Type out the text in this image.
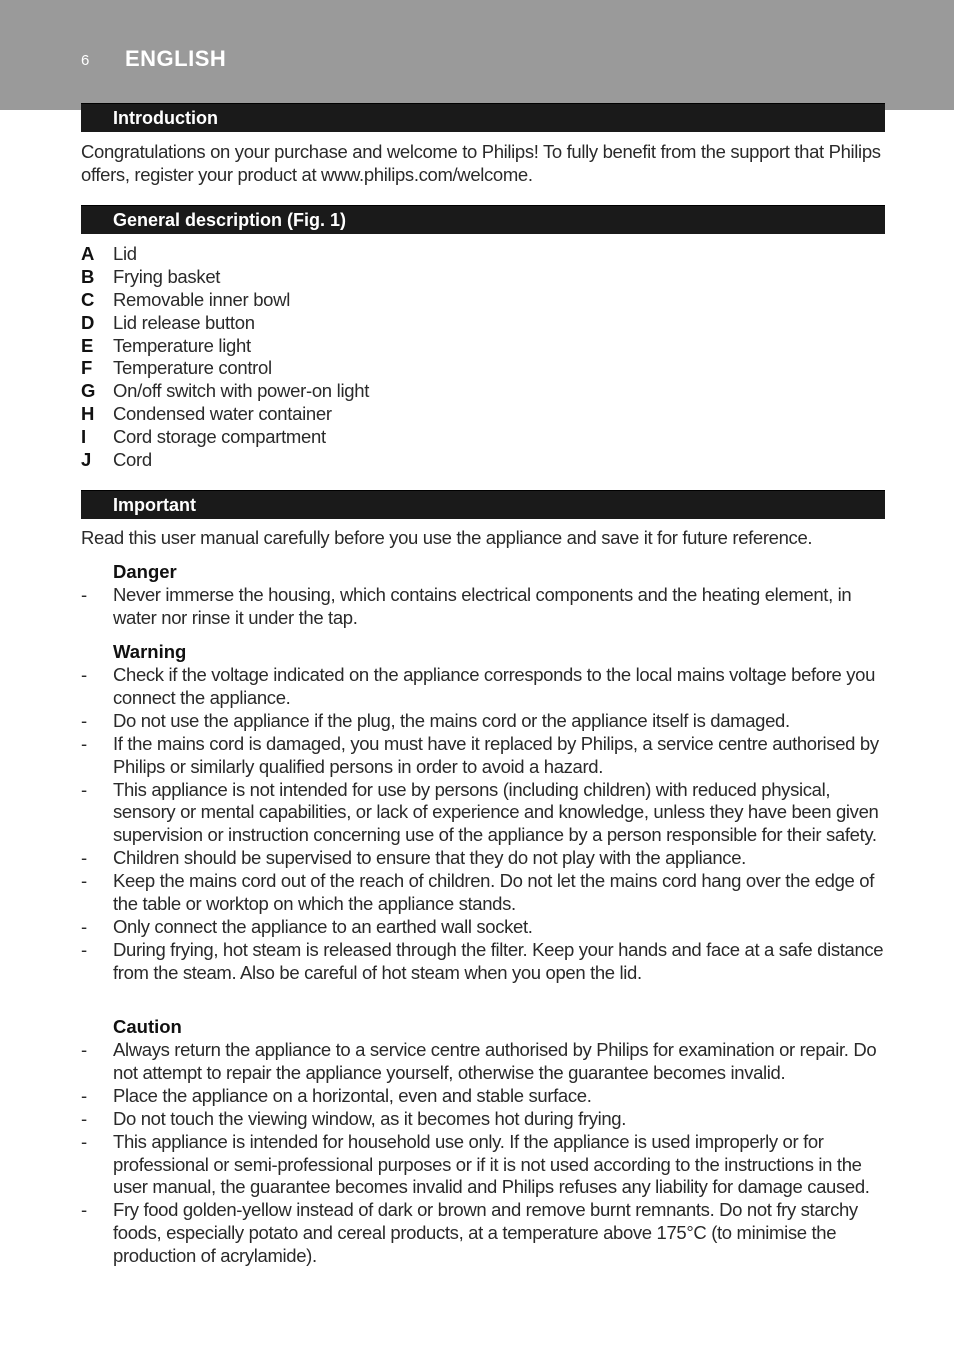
6 ENGLISH
Introduction
Congratulations on your purchase and welcome to Philips! To fully benefit from the support that Philips offers, register your product at www.philips.com/welcome.
General description (Fig. 1)
A Lid
B Frying basket
C Removable inner bowl
D Lid release button
E Temperature light
F Temperature control
G On/off switch with power-on light
H Condensed water container
I Cord storage compartment
J Cord
Important
Read this user manual carefully before you use the appliance and save it for future reference.
Danger
- Never immerse the housing, which contains electrical components and the heating element, in water nor rinse it under the tap.
Warning
- Check if the voltage indicated on the appliance corresponds to the local mains voltage before you connect the appliance.
- Do not use the appliance if the plug, the mains cord or the appliance itself is damaged.
- If the mains cord is damaged, you must have it replaced by Philips, a service centre authorised by Philips or similarly qualified persons in order to avoid a hazard.
- This appliance is not intended for use by persons (including children) with reduced physical, sensory or mental capabilities, or lack of experience and knowledge, unless they have been given supervision or instruction concerning use of the appliance by a person responsible for their safety.
- Children should be supervised to ensure that they do not play with the appliance.
- Keep the mains cord out of the reach of children. Do not let the mains cord hang over the edge of the table or worktop on which the appliance stands.
- Only connect the appliance to an earthed wall socket.
- During frying, hot steam is released through the filter. Keep your hands and face at a safe distance from the steam. Also be careful of hot steam when you open the lid.
Caution
- Always return the appliance to a service centre authorised by Philips for examination or repair. Do not attempt to repair the appliance yourself, otherwise the guarantee becomes invalid.
- Place the appliance on a horizontal, even and stable surface.
- Do not touch the viewing window, as it becomes hot during frying.
- This appliance is intended for household use only. If the appliance is used improperly or for professional or semi-professional purposes or if it is not used according to the instructions in the user manual, the guarantee becomes invalid and Philips refuses any liability for damage caused.
- Fry food golden-yellow instead of dark or brown and remove burnt remnants. Do not fry starchy foods, especially potato and cereal products, at a temperature above 175°C (to minimise the production of acrylamide).
